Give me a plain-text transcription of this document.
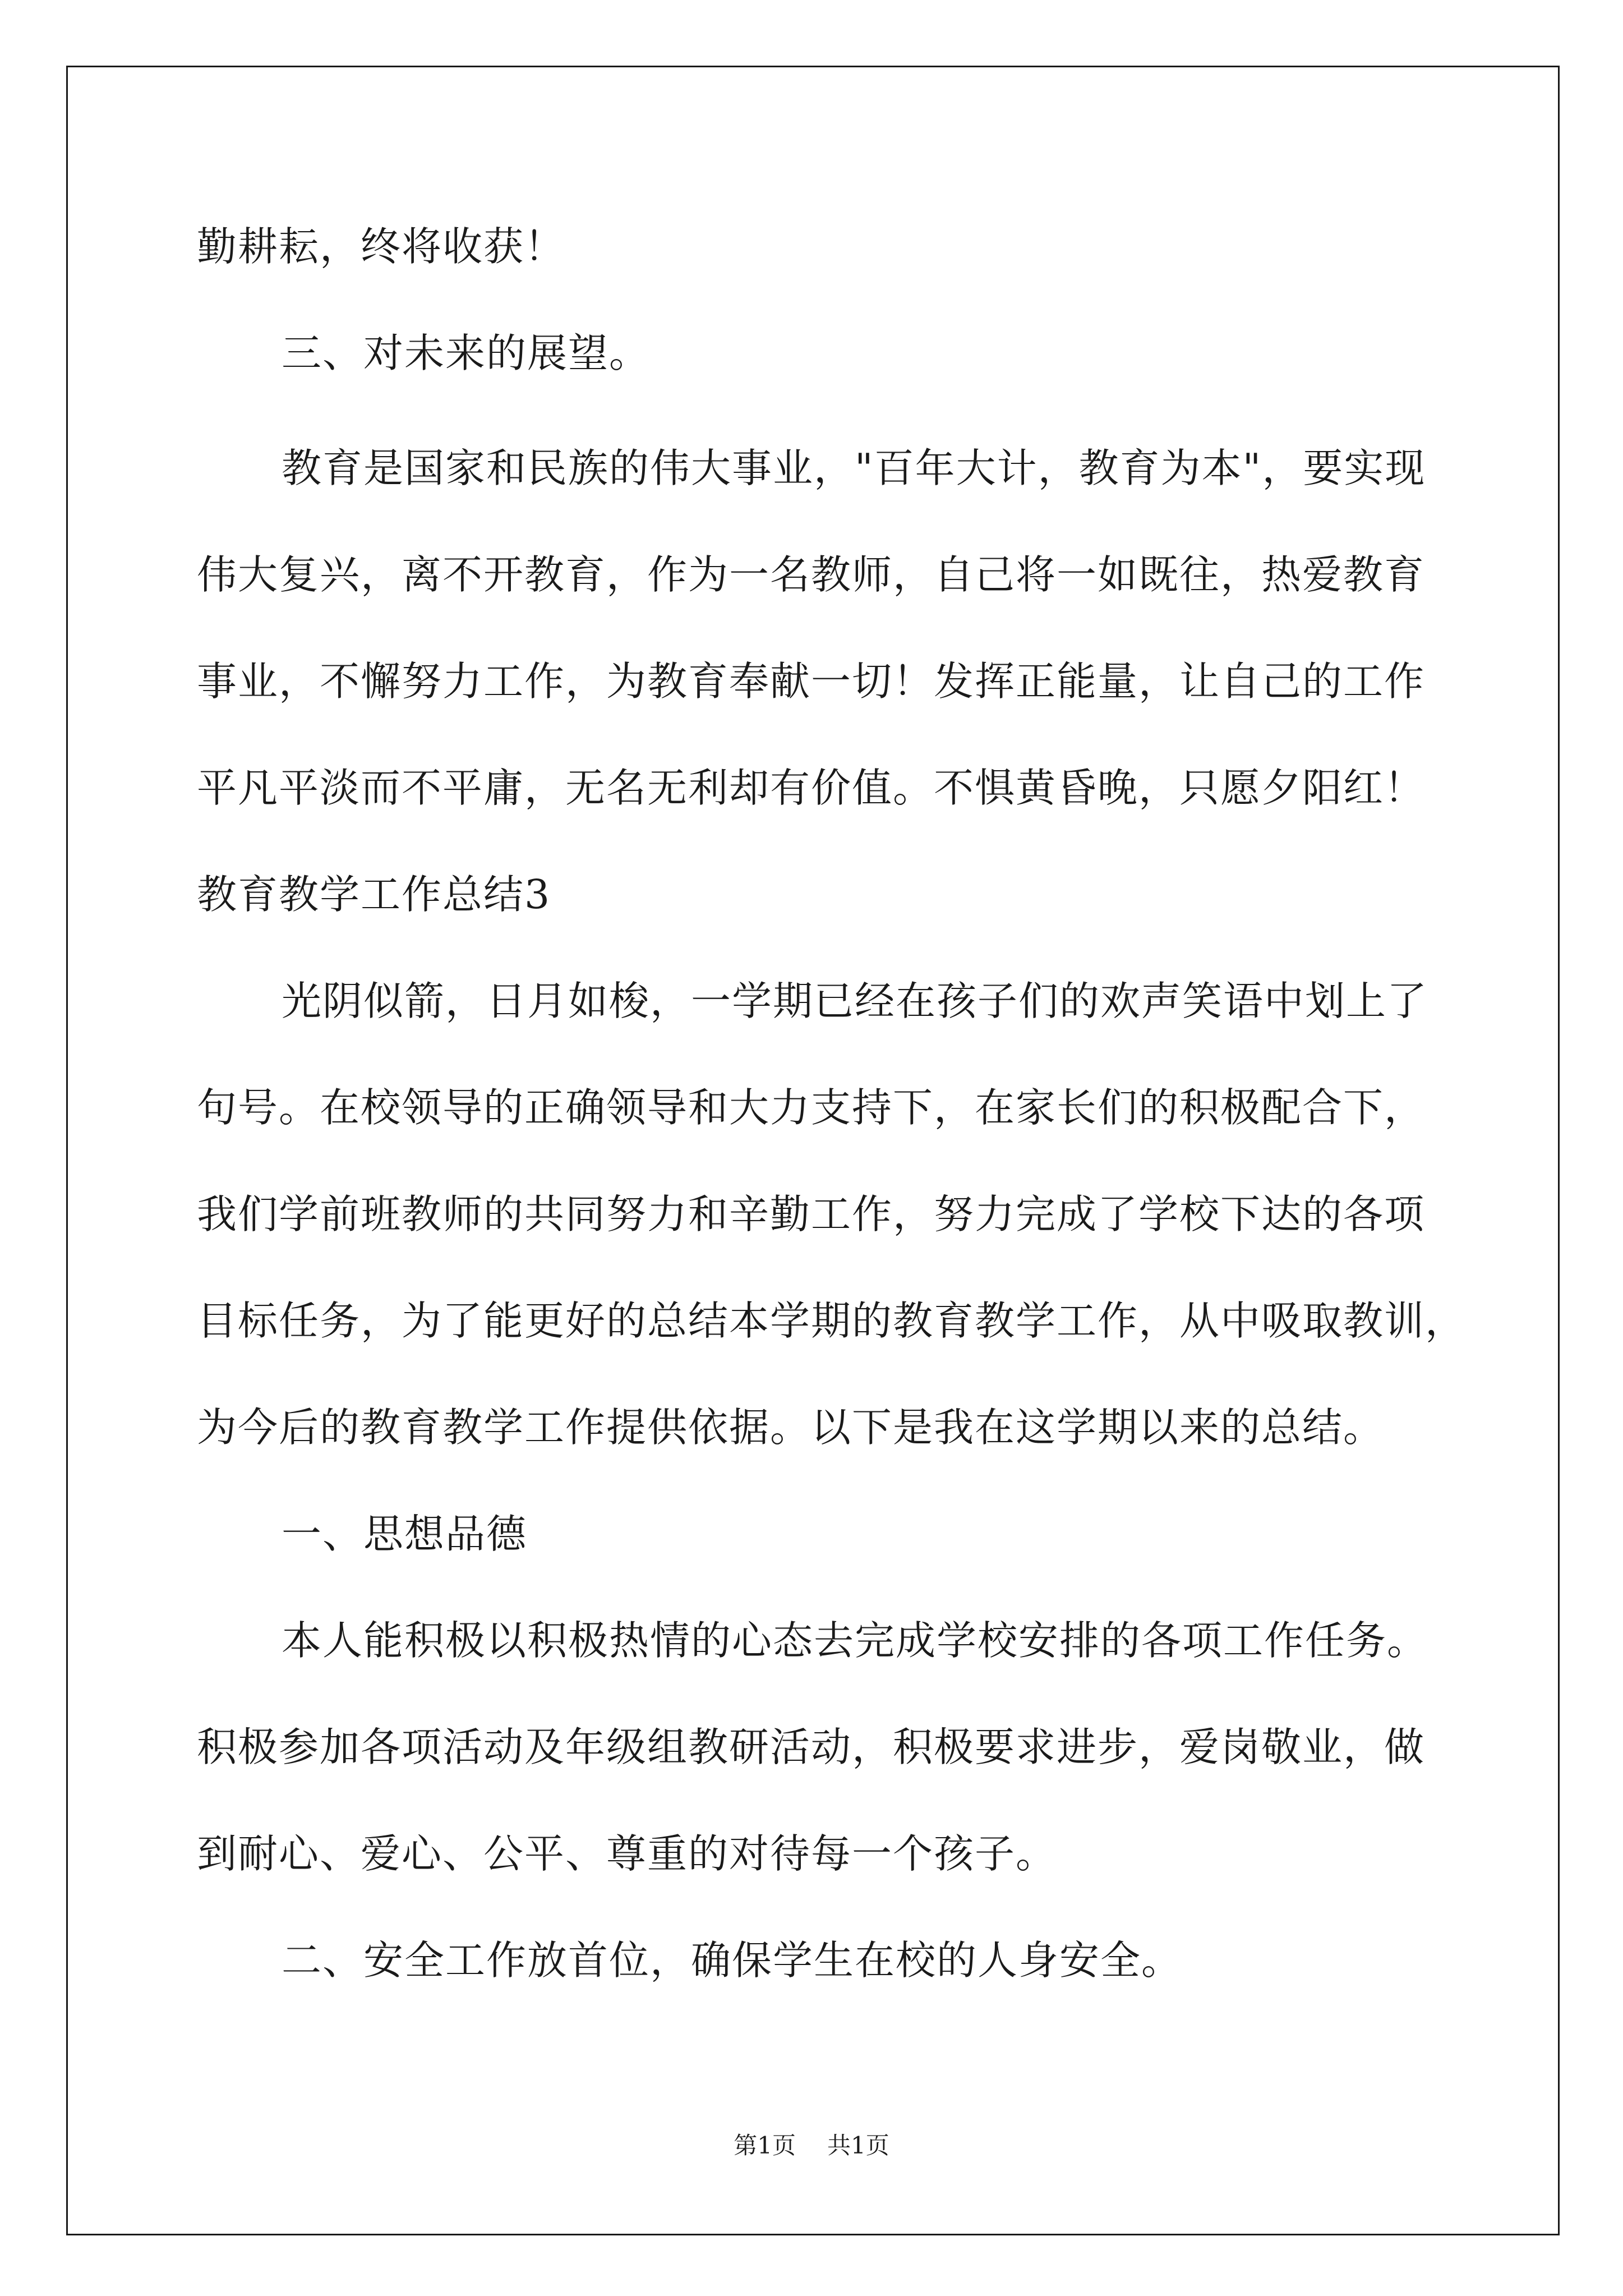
勤耕耘，终将收获！
三、对未来的展望。
教育是国家和民族的伟大事业，"百年大计，教育为本"，要实现
伟大复兴，离不开教育，作为一名教师，自己将一如既往，热爱教育
事业，不懈努力工作，为教育奉献一切！发挥正能量，让自己的工作
平凡平淡而不平庸，无名无利却有价值。不惧黄昏晚，只愿夕阳红！
教育教学工作总结3
光阴似箭，日月如梭，一学期已经在孩子们的欢声笑语中划上了
句号。在校领导的正确领导和大力支持下，在家长们的积极配合下，
我们学前班教师的共同努力和辛勤工作，努力完成了学校下达的各项
目标任务，为了能更好的总结本学期的教育教学工作，从中吸取教训，
为今后的教育教学工作提供依据。以下是我在这学期以来的总结。
一、思想品德
本人能积极以积极热情的心态去完成学校安排的各项工作任务。
积极参加各项活动及年级组教研活动，积极要求进步，爱岗敬业，做
到耐心、爱心、公平、尊重的对待每一个孩子。
二、安全工作放首位，确保学生在校的人身安全。
第1页 共1页
